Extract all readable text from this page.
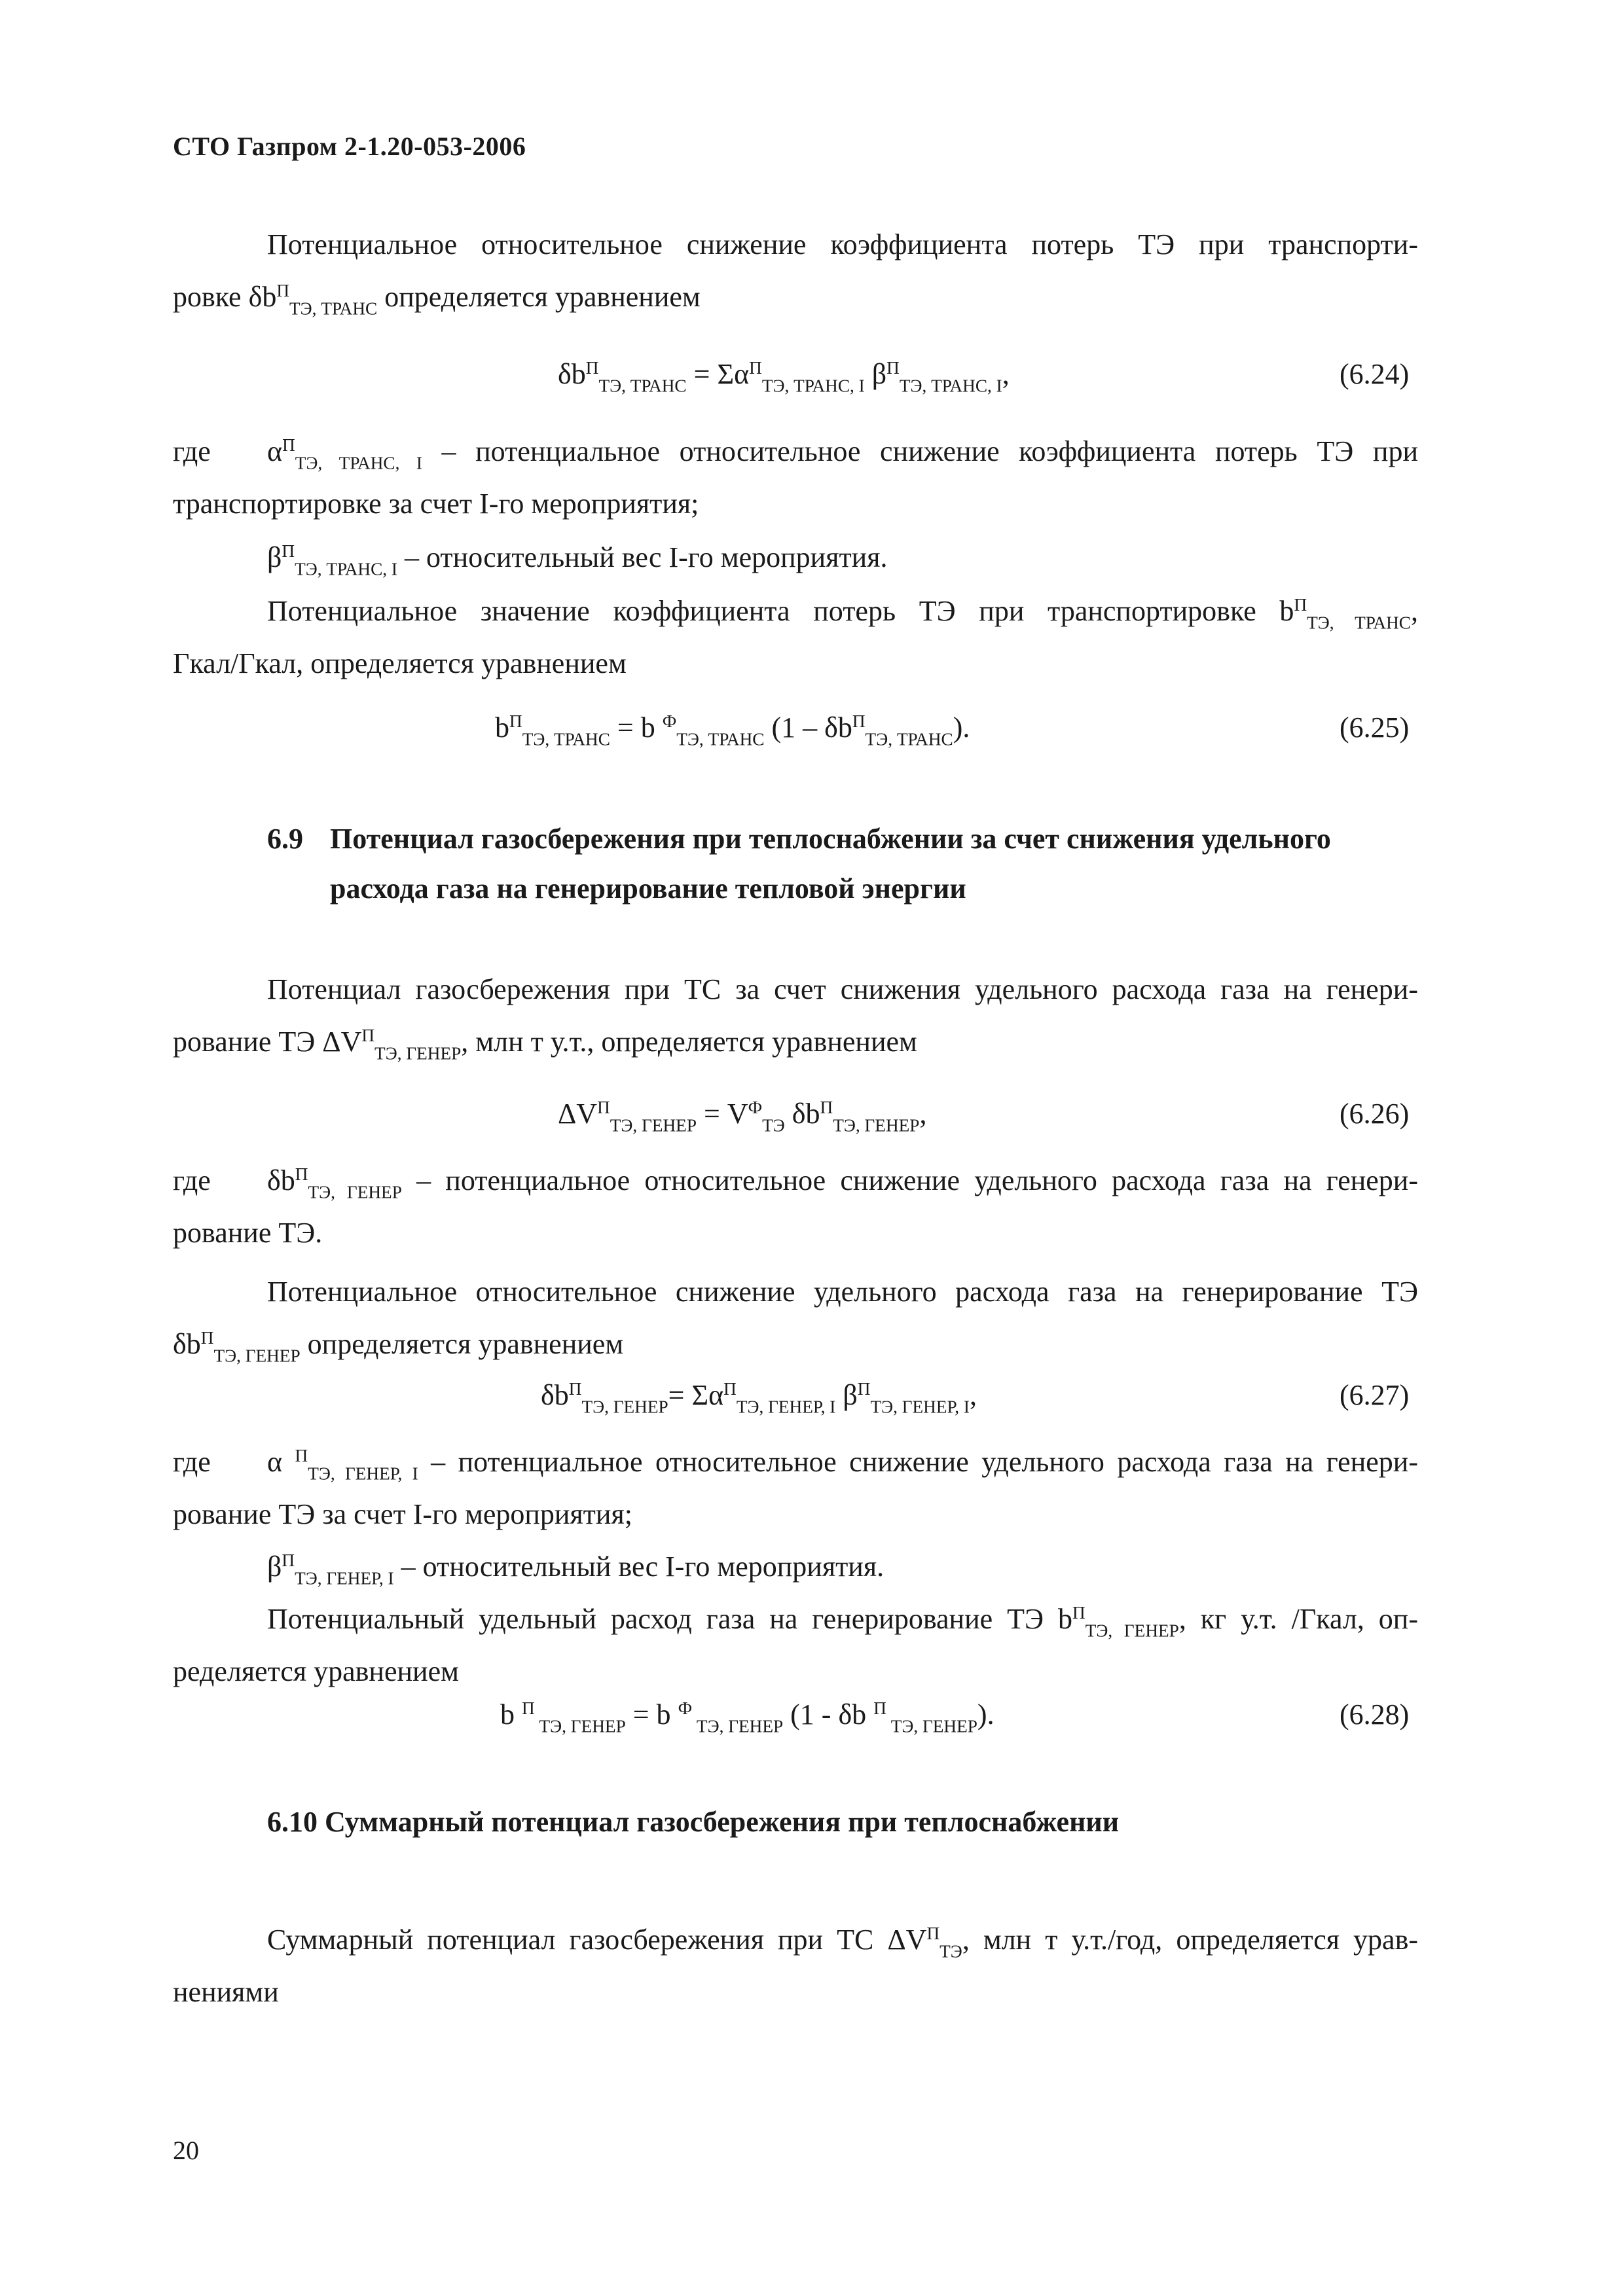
СТО Газпром 2-1.20-053-2006
Потенциальное относительное снижение коэффициента потерь ТЭ при транспорти-
ровке $\delta b^П_{ТЭ, ТРАНС}$ определяется уравнением
$\delta b^П_{ТЭ, ТРАНС} = \Sigma\alpha^П_{ТЭ, ТРАНС, I}$ $\beta^П_{ТЭ, ТРАНС, I}$,	(6.24)
где $\alpha^П_{ТЭ, ТРАНС, I}$ – потенциальное относительное снижение коэффициента потерь ТЭ при
транспортировке за счет I-го мероприятия;
$\beta^П_{ТЭ, ТРАНС, I}$ – относительный вес I-го мероприятия.
Потенциальное значение коэффициента потерь ТЭ при транспортировке $b^П_{ТЭ, ТРАНС}$,
Гкал/Гкал, определяется уравнением
$b^П_{ТЭ, ТРАНС} = b$ $^Ф_{ТЭ, ТРАНС}$ $(1 - \delta b^П_{ТЭ, ТРАНС})$.	(6.25)
6.9 Потенциал газосбережения при теплоснабжении за счет снижения удельного
расхода газа на генерирование тепловой энергии
Потенциал газосбережения при ТС за счет снижения удельного расхода газа на генери-
рование ТЭ $\Delta V^П_{ТЭ, ГЕНЕР}$, млн т у.т., определяется уравнением
$\Delta V^П_{ТЭ, ГЕНЕР} = V^Ф_{ТЭ}$ $\delta b^П_{ТЭ, ГЕНЕР}$,	(6.26)
где $\delta b^П_{ТЭ, ГЕНЕР}$ – потенциальное относительное снижение удельного расхода газа на генери-
рование ТЭ.
Потенциальное относительное снижение удельного расхода газа на генерирование ТЭ
$\delta b^П_{ТЭ, ГЕНЕР}$ определяется уравнением
$\delta b^П_{ТЭ, ГЕНЕР}= \Sigma\alpha^П_{ТЭ, ГЕНЕР, I}$ $\beta^П_{ТЭ, ГЕНЕР, I}$,	(6.27)
где α $^П_{ТЭ, ГЕНЕР, I}$ – потенциальное относительное снижение удельного расхода газа на генери-
рование ТЭ за счет I-го мероприятия;
$\beta^П_{ТЭ, ГЕНЕР, I}$ – относительный вес I-го мероприятия.
Потенциальный удельный расход газа на генерирование ТЭ $b^П_{ТЭ, ГЕНЕР}$, кг у.т. /Гкал, оп-
ределяется уравнением
b $^П$ $_{ТЭ, ГЕНЕР}$ = b $^Ф$ $_{ТЭ, ГЕНЕР}$ (1 - δb $^П$ $_{ТЭ, ГЕНЕР}$).	(6.28)
6.10 Суммарный потенциал газосбережения при теплоснабжении
Суммарный потенциал газосбережения при ТС $\Delta V^П_{ТЭ}$, млн т у.т./год, определяется урав-
нениями
20
